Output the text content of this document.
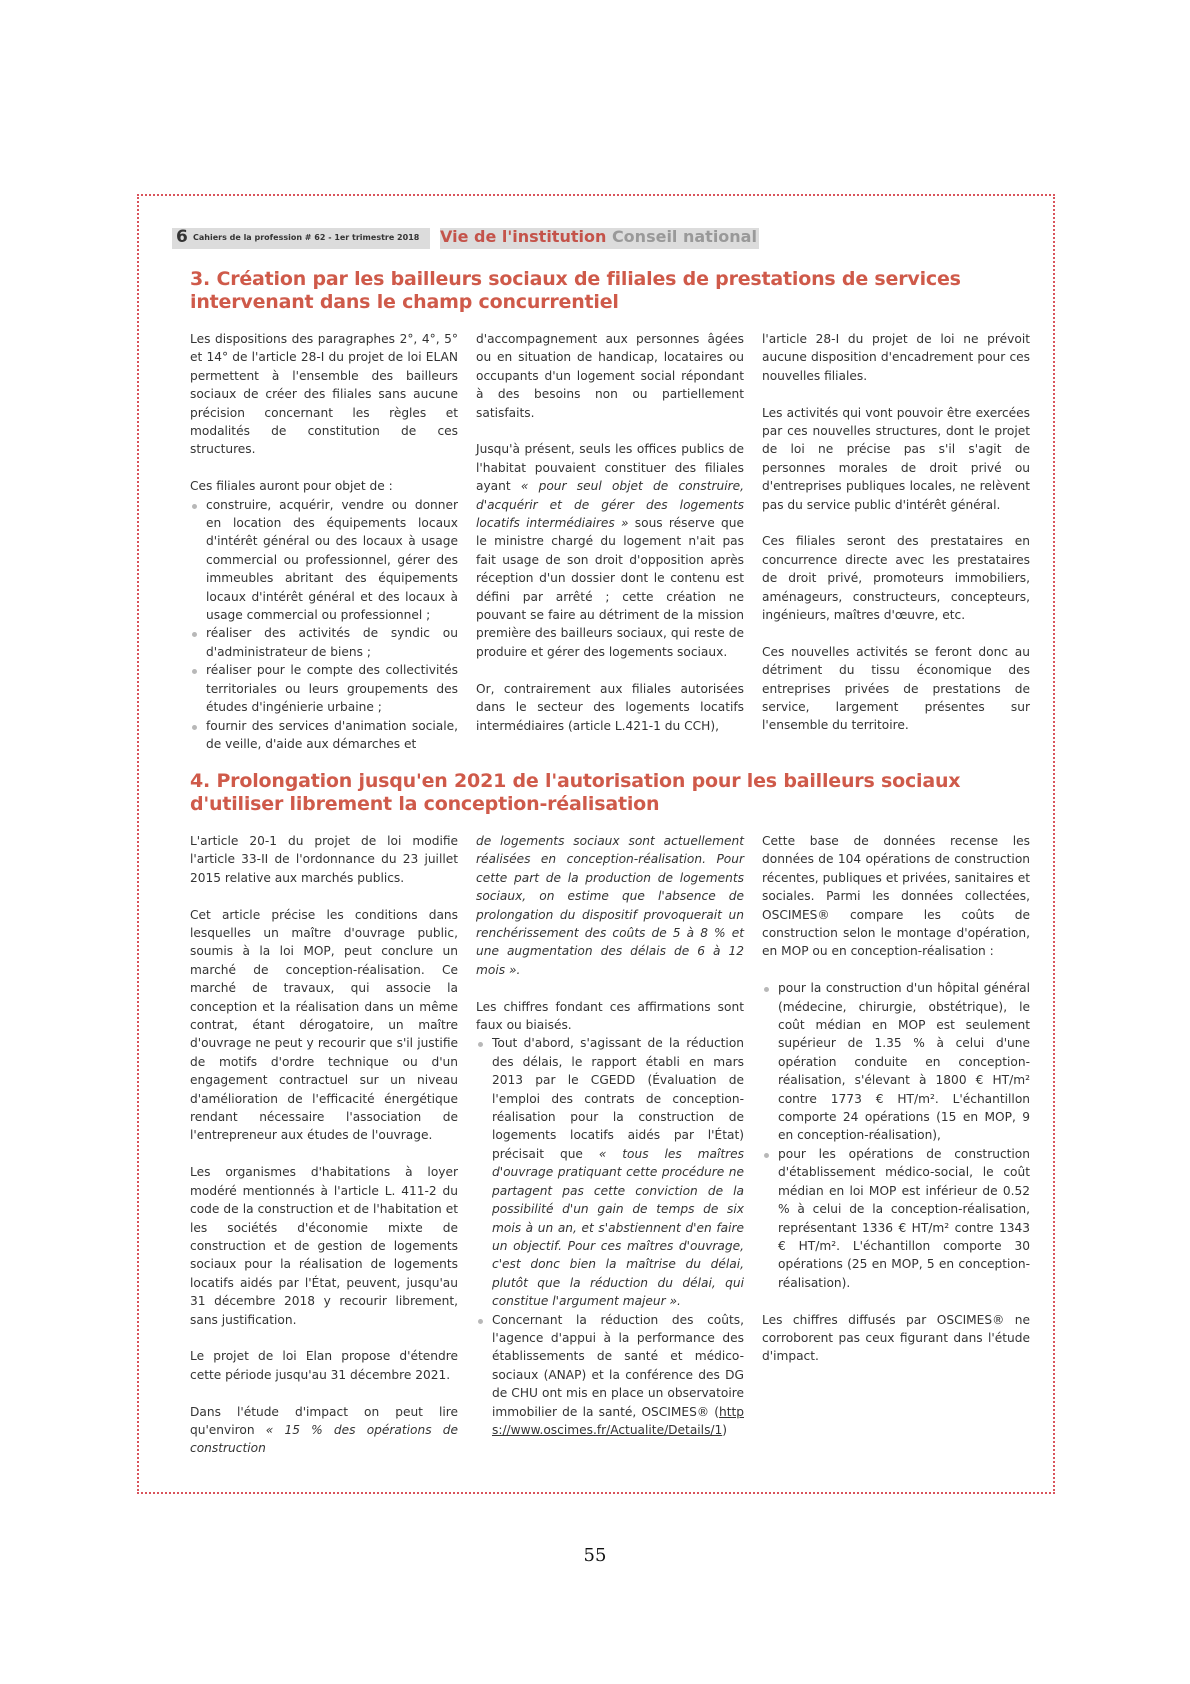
6 Cahiers de la profession # 62 - 1er trimestre 2018 Vie de l'institution Conseil national
3. Création par les bailleurs sociaux de filiales de prestations de services intervenant dans le champ concurrentiel

Les dispositions des paragraphes 2°, 4°, 5° et 14° de l'article 28-I du projet de loi ELAN permettent à l'ensemble des bailleurs sociaux de créer des filiales sans aucune précision concernant les règles et modalités de constitution de ces structures.

Ces filiales auront pour objet de :

construire, acquérir, vendre ou donner en location des équipements locaux d'intérêt général ou des locaux à usage commercial ou professionnel, gérer des immeubles abritant des équipements locaux d'intérêt général et des locaux à usage commercial ou professionnel ;
réaliser des activités de syndic ou d'administrateur de biens ;
réaliser pour le compte des collectivités territoriales ou leurs groupements des études d'ingénierie urbaine ;
fournir des services d'animation sociale, de veille, d'aide aux démarches et

d'accompagnement aux personnes âgées ou en situation de handicap, locataires ou occupants d'un logement social répondant à des besoins non ou partiellement satisfaits.

Jusqu'à présent, seuls les offices publics de l'habitat pouvaient constituer des filiales ayant « pour seul objet de construire, d'acquérir et de gérer des logements locatifs intermédiaires » sous réserve que le ministre chargé du logement n'ait pas fait usage de son droit d'opposition après réception d'un dossier dont le contenu est défini par arrêté ; cette création ne pouvant se faire au détriment de la mission première des bailleurs sociaux, qui reste de produire et gérer des logements sociaux.

Or, contrairement aux filiales autorisées dans le secteur des logements locatifs intermédiaires (article L.421-1 du CCH),

l'article 28-I du projet de loi ne prévoit aucune disposition d'encadrement pour ces nouvelles filiales.

Les activités qui vont pouvoir être exercées par ces nouvelles structures, dont le projet de loi ne précise pas s'il s'agit de personnes morales de droit privé ou d'entreprises publiques locales, ne relèvent pas du service public d'intérêt général.

Ces filiales seront des prestataires en concurrence directe avec les prestataires de droit privé, promoteurs immobiliers, aménageurs, constructeurs, concepteurs, ingénieurs, maîtres d'œuvre, etc.

Ces nouvelles activités se feront donc au détriment du tissu économique des entreprises privées de prestations de service, largement présentes sur l'ensemble du territoire.

4. Prolongation jusqu'en 2021 de l'autorisation pour les bailleurs sociaux d'utiliser librement la conception-réalisation

L'article 20-1 du projet de loi modifie l'article 33-II de l'ordonnance du 23 juillet 2015 relative aux marchés publics.

Cet article précise les conditions dans lesquelles un maître d'ouvrage public, soumis à la loi MOP, peut conclure un marché de conception-réalisation. Ce marché de travaux, qui associe la conception et la réalisation dans un même contrat, étant dérogatoire, un maître d'ouvrage ne peut y recourir que s'il justifie de motifs d'ordre technique ou d'un engagement contractuel sur un niveau d'amélioration de l'efficacité énergétique rendant nécessaire l'association de l'entrepreneur aux études de l'ouvrage.

Les organismes d'habitations à loyer modéré mentionnés à l'article L. 411-2 du code de la construction et de l'habitation et les sociétés d'économie mixte de construction et de gestion de logements sociaux pour la réalisation de logements locatifs aidés par l'État, peuvent, jusqu'au 31 décembre 2018 y recourir librement, sans justification.

Le projet de loi Elan propose d'étendre cette période jusqu'au 31 décembre 2021.

Dans l'étude d'impact on peut lire qu'environ « 15 % des opérations de construction

de logements sociaux sont actuellement réalisées en conception-réalisation. Pour cette part de la production de logements sociaux, on estime que l'absence de prolongation du dispositif provoquerait un renchérissement des coûts de 5 à 8 % et une augmentation des délais de 6 à 12 mois ».

Les chiffres fondant ces affirmations sont faux ou biaisés.

Tout d'abord, s'agissant de la réduction des délais, le rapport établi en mars 2013 par le CGEDD (Évaluation de l'emploi des contrats de conception-réalisation pour la construction de logements locatifs aidés par l'État) précisait que « tous les maîtres d'ouvrage pratiquant cette procédure ne partagent pas cette conviction de la possibilité d'un gain de temps de six mois à un an, et s'abstiennent d'en faire un objectif. Pour ces maîtres d'ouvrage, c'est donc bien la maîtrise du délai, plutôt que la réduction du délai, qui constitue l'argument majeur ».
Concernant la réduction des coûts, l'agence d'appui à la performance des établissements de santé et médico-sociaux (ANAP) et la conférence des DG de CHU ont mis en place un observatoire immobilier de la santé, OSCIMES® (https://www.oscimes.fr/Actualite/Details/1)

Cette base de données recense les données de 104 opérations de construction récentes, publiques et privées, sanitaires et sociales. Parmi les données collectées, OSCIMES® compare les coûts de construction selon le montage d'opération, en MOP ou en conception-réalisation :

pour la construction d'un hôpital général (médecine, chirurgie, obstétrique), le coût médian en MOP est seulement supérieur de 1.35 % à celui d'une opération conduite en conception-réalisation, s'élevant à 1800 € HT/m² contre 1773 € HT/m². L'échantillon comporte 24 opérations (15 en MOP, 9 en conception-réalisation),
pour les opérations de construction d'établissement médico-social, le coût médian en loi MOP est inférieur de 0.52 % à celui de la conception-réalisation, représentant 1336 € HT/m² contre 1343 € HT/m². L'échantillon comporte 30 opérations (25 en MOP, 5 en conception-réalisation).

Les chiffres diffusés par OSCIMES® ne corroborent pas ceux figurant dans l'étude d'impact.

55
